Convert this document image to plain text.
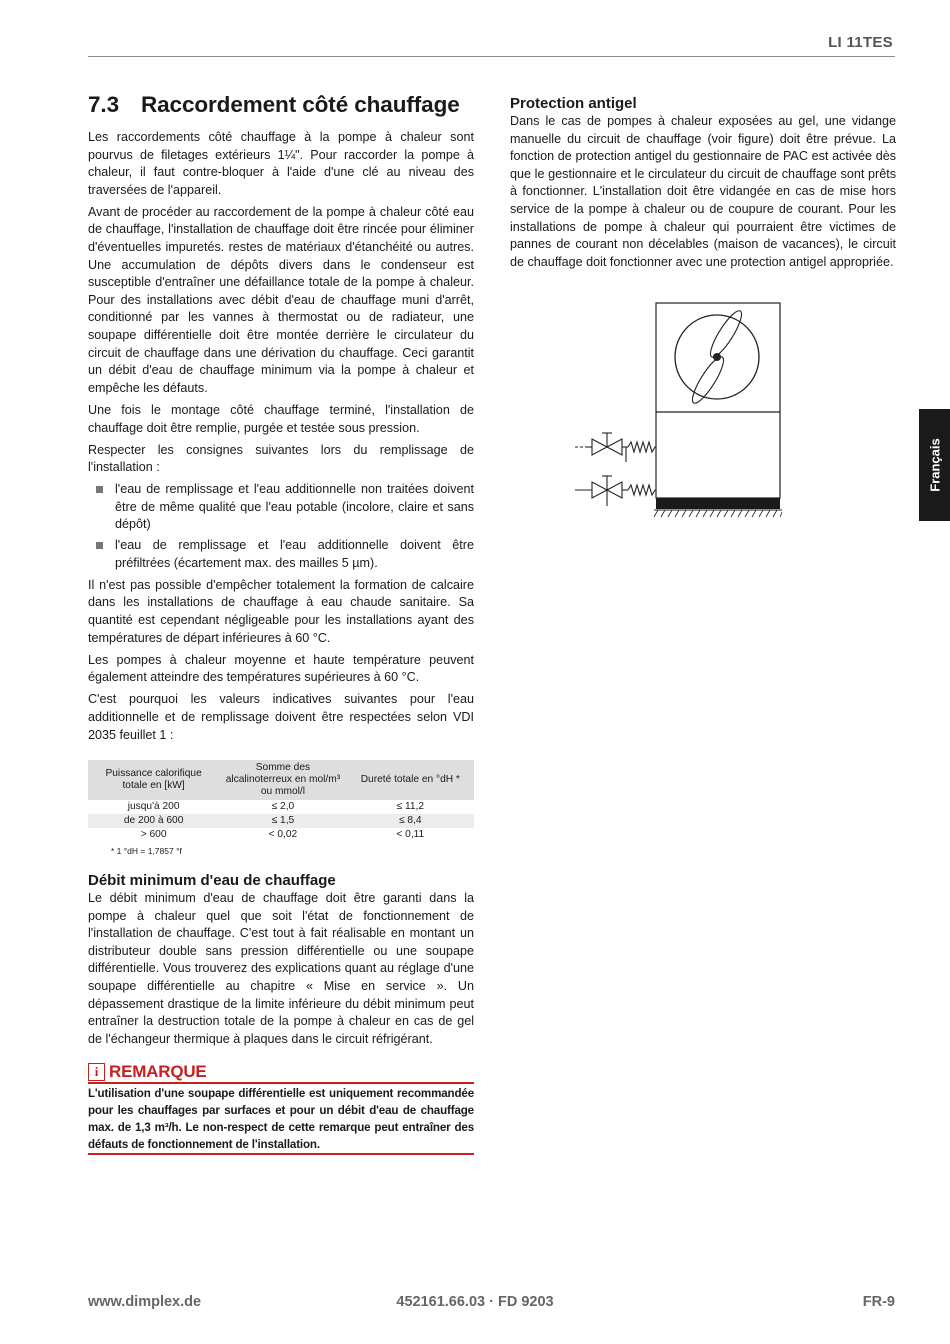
LI 11TES
7.3 Raccordement côté chauffage

Les raccordements côté chauffage à la pompe à chaleur sont pourvus de filetages extérieurs 1¼". Pour raccorder la pompe à chaleur, il faut contre-bloquer à l'aide d'une clé au niveau des traversées de l'appareil.

Avant de procéder au raccordement de la pompe à chaleur côté eau de chauffage, l'installation de chauffage doit être rincée pour éliminer d'éventuelles impuretés. restes de matériaux d'étanchéité ou autres. Une accumulation de dépôts divers dans le condenseur est susceptible d'entraîner une défaillance totale de la pompe à chaleur. Pour des installations avec débit d'eau de chauffage muni d'arrêt, conditionné par les vannes à thermostat ou de radiateur, une soupape différentielle doit être montée derrière le circulateur du circuit de chauffage dans une dérivation du chauffage. Ceci garantit un débit d'eau de chauffage minimum via la pompe à chaleur et empêche les défauts.

Une fois le montage côté chauffage terminé, l'installation de chauffage doit être remplie, purgée et testée sous pression.

Respecter les consignes suivantes lors du remplissage de l'installation :

l'eau de remplissage et l'eau additionnelle non traitées doivent être de même qualité que l'eau potable (incolore, claire et sans dépôt)
l'eau de remplissage et l'eau additionnelle doivent être préfiltrées (écartement max. des mailles 5 µm).

Il n'est pas possible d'empêcher totalement la formation de calcaire dans les installations de chauffage à eau chaude sanitaire. Sa quantité est cependant négligeable pour les installations ayant des températures de départ inférieures à 60 °C.

Les pompes à chaleur moyenne et haute température peuvent également atteindre des températures supérieures à 60 °C.

C'est pourquoi les valeurs indicatives suivantes pour l'eau additionnelle et de remplissage doivent être respectées selon VDI 2035 feuillet 1 :

Puissance calorifique totale en [kW]	Somme des alcalinoterreux en mol/m³ ou mmol/l	Dureté totale en °dH *
jusqu'à 200	≤ 2,0	≤ 11,2
de 200 à 600	≤ 1,5	≤ 8,4
> 600	< 0,02	< 0,11
* 1 °dH = 1,7857 °f
Débit minimum d'eau de chauffage

Le débit minimum d'eau de chauffage doit être garanti dans la pompe à chaleur quel que soit l'état de fonctionnement de l'installation de chauffage. C'est tout à fait réalisable en montant un distributeur double sans pression différentielle ou une soupape différentielle. Vous trouverez des explications quant au réglage d'une soupape différentielle au chapitre « Mise en service ». Un dépassement drastique de la limite inférieure du débit minimum peut entraîner la destruction totale de la pompe à chaleur en cas de gel de l'échangeur thermique à plaques dans le circuit réfrigérant.

i REMARQUE

L'utilisation d'une soupape différentielle est uniquement recommandée pour les chauffages par surfaces et pour un débit d'eau de chauffage max. de 1,3 m³/h. Le non-respect de cette remarque peut entraîner des défauts de fonctionnement de l'installation.

Protection antigel

Dans le cas de pompes à chaleur exposées au gel, une vidange manuelle du circuit de chauffage (voir figure) doit être prévue. La fonction de protection antigel du gestionnaire de PAC est activée dès que le gestionnaire et le circulateur du circuit de chauffage sont prêts à fonctionner. L'installation doit être vidangée en cas de mise hors service de la pompe à chaleur ou de coupure de courant. Pour les installations de pompe à chaleur qui pourraient être victimes de pannes de courant non décelables (maison de vacances), le circuit de chauffage doit fonctionner avec une protection antigel appropriée.

Français
www.dimplex.de	452161.66.03 · FD 9203	FR-9
